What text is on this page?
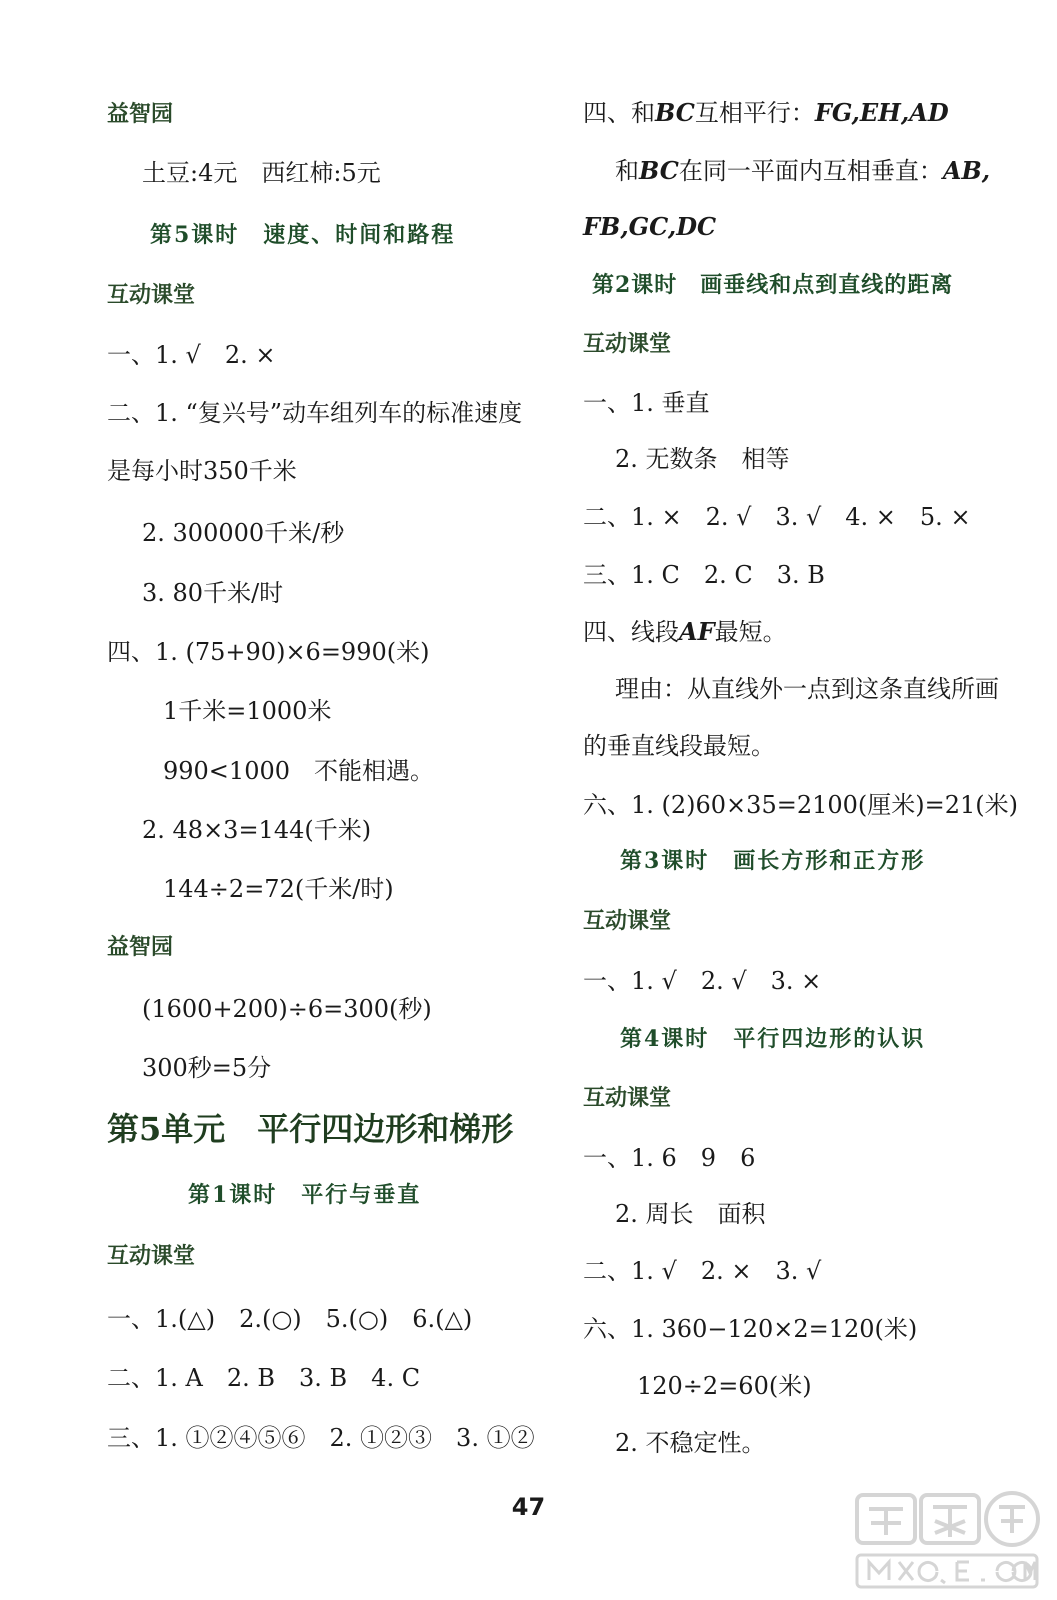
益智园
土豆:4元　西红柿:5元
第5课时　速度、时间和路程
互动课堂
一、1. √　2. ×
二、1. “复兴号”动车组列车的标准速度
是每小时350千米
2. 300000千米/秒
3. 80千米/时
四、1. (75+90)×6=990(米)
1千米=1000米
990<1000　不能相遇。
2. 48×3=144(千米)
144÷2=72(千米/时)
益智园
(1600+200)÷6=300(秒)
300秒=5分
第5单元　平行四边形和梯形
第1课时　平行与垂直
互动课堂
一、1.(△)　2.(○)　5.(○)　6.(△)
二、1. A　2. B　3. B　4. C
三、1. ①②④⑤⑥　2. ①②③　3. ①②
四、和BC互相平行：FG,EH,AD
和BC在同一平面内互相垂直：AB,
FB,GC,DC
第2课时　画垂线和点到直线的距离
互动课堂
一、1. 垂直
2. 无数条　相等
二、1. ×　2. √　3. √　4. ×　5. ×
三、1. C　2. C　3. B
四、线段AF最短。
理由：从直线外一点到这条直线所画
的垂直线段最短。
六、1. (2)60×35=2100(厘米)=21(米)
第3课时　画长方形和正方形
互动课堂
一、1. √　2. √　3. ×
第4课时　平行四边形的认识
互动课堂
一、1. 6　9　6
2. 周长　面积
二、1. √　2. ×　3. √
六、1. 360−120×2=120(米)
120÷2=60(米)
2. 不稳定性。
47
